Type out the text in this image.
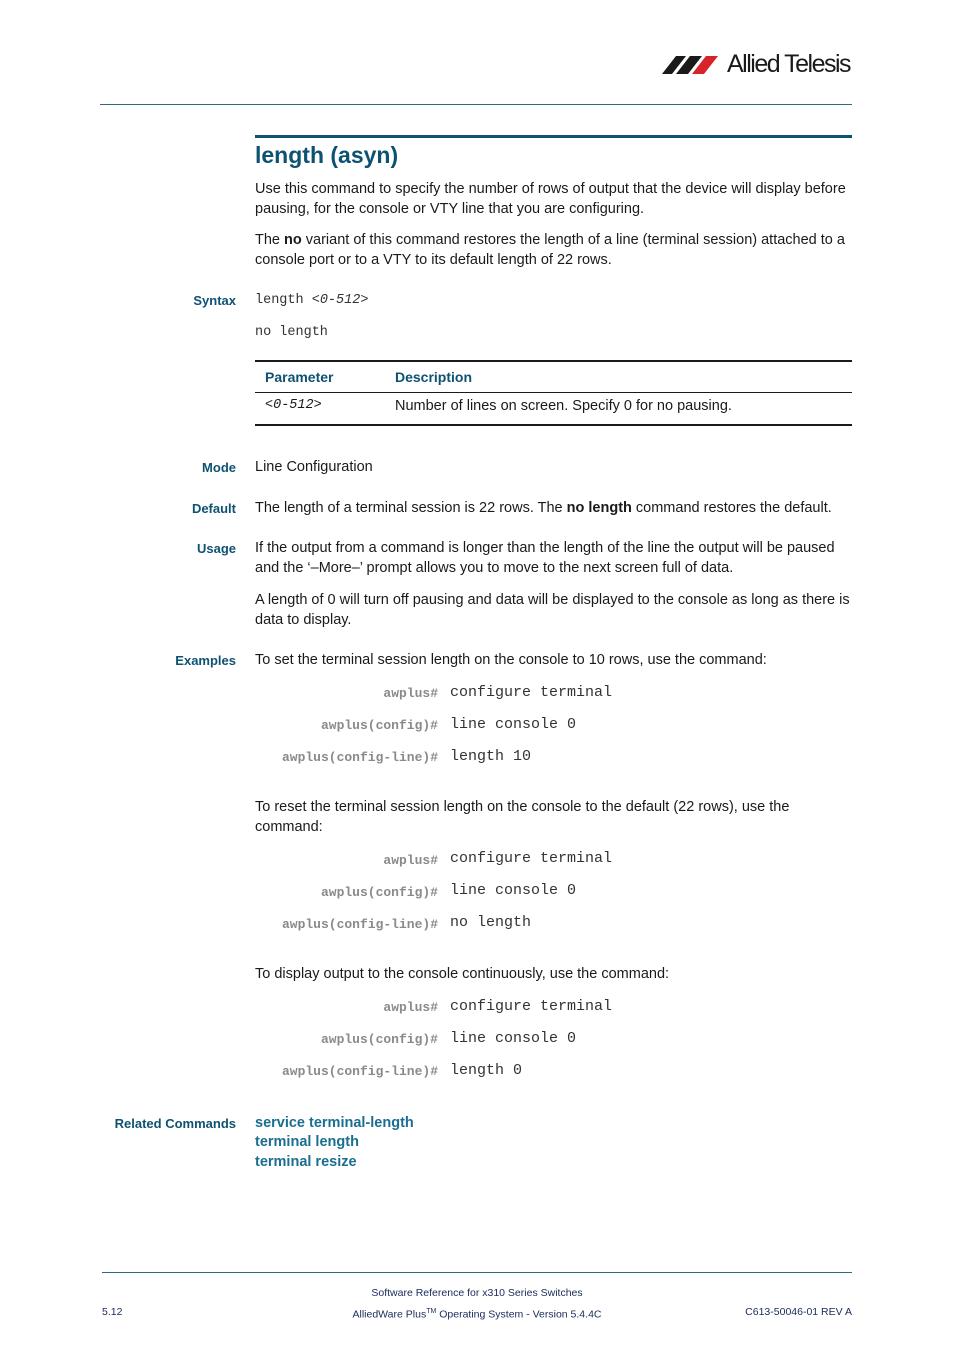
Allied Telesis
length (asyn)
Use this command to specify the number of rows of output that the device will display before pausing, for the console or VTY line that you are configuring.
The no variant of this command restores the length of a line (terminal session) attached to a console port or to a VTY to its default length of 22 rows.
Syntax length <0-512>
no length
Parameter	Description
<0-512>	Number of lines on screen. Specify 0 for no pausing.
Mode Line Configuration
Default The length of a terminal session is 22 rows. The no length command restores the default.
Usage If the output from a command is longer than the length of the line the output will be paused and the ‘–More–’ prompt allows you to move to the next screen full of data.
A length of 0 will turn off pausing and data will be displayed to the console as long as there is data to display.
Examples To set the terminal session length on the console to 10 rows, use the command:
awplus# configure terminal
awplus(config)# line console 0
awplus(config-line)# length 10
To reset the terminal session length on the console to the default (22 rows), use the command:
awplus# configure terminal
awplus(config)# line console 0
awplus(config-line)# no length
To display output to the console continuously, use the command:
awplus# configure terminal
awplus(config)# line console 0
awplus(config-line)# length 0
Related Commands service terminal-length
terminal length
terminal resize
Software Reference for x310 Series Switches
AlliedWare Plus™ Operating System - Version 5.4.4C
5.12	C613-50046-01 REV A
